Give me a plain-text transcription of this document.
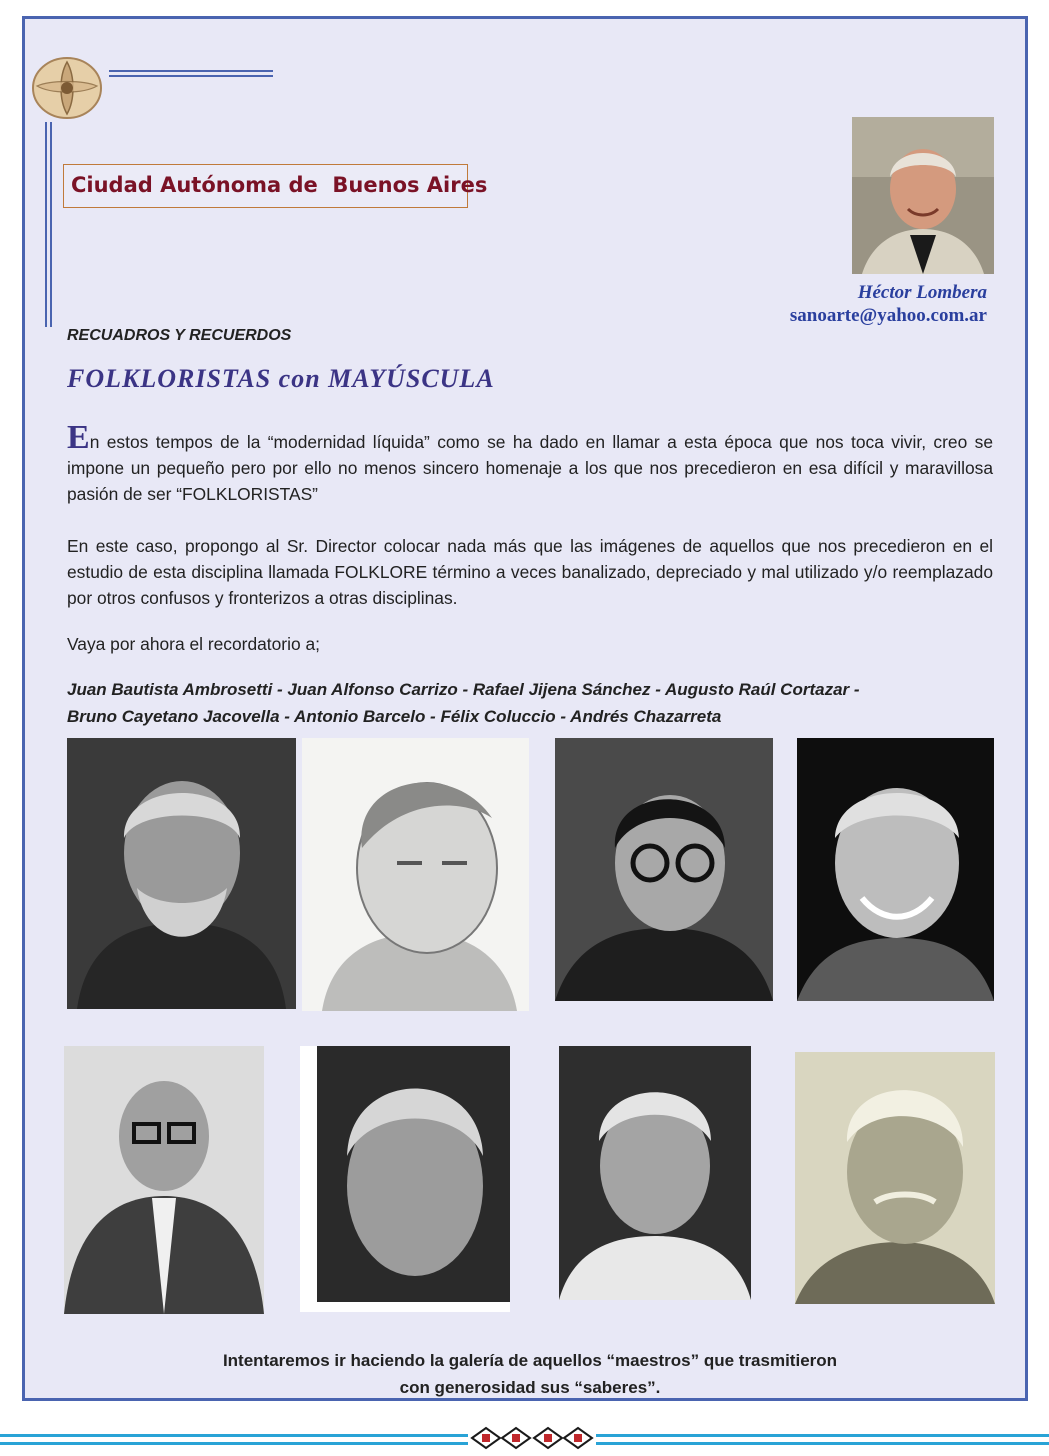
Ciudad Autónoma de  Buenos Aires
Héctor Lombera
sanoarte@yahoo.com.ar
RECUADROS Y RECUERDOS
FOLKLORISTAS con MAYÚSCULA
En estos tempos de la “modernidad líquida” como se ha dado en llamar a esta época que nos toca vivir, creo se impone un pequeño pero por ello no menos sincero homenaje a los que nos precedieron en esa difícil y maravillosa pasión de ser “FOLKLORISTAS”
En este caso, propongo al Sr. Director colocar nada más que las imágenes de aquellos que nos precedieron en el estudio de esta disciplina llamada FOLKLORE término a veces banalizado, depreciado y mal utilizado y/o reemplazado por otros confusos y fronterizos a otras disciplinas.
Vaya por ahora el recordatorio a;
Juan Bautista Ambrosetti - Juan Alfonso Carrizo - Rafael Jijena Sánchez - Augusto Raúl Cortazar -
Bruno Cayetano Jacovella - Antonio Barcelo - Félix Coluccio - Andrés Chazarreta
Intentaremos ir haciendo la galería de aquellos “maestros” que trasmitieron
con generosidad sus “saberes”.
